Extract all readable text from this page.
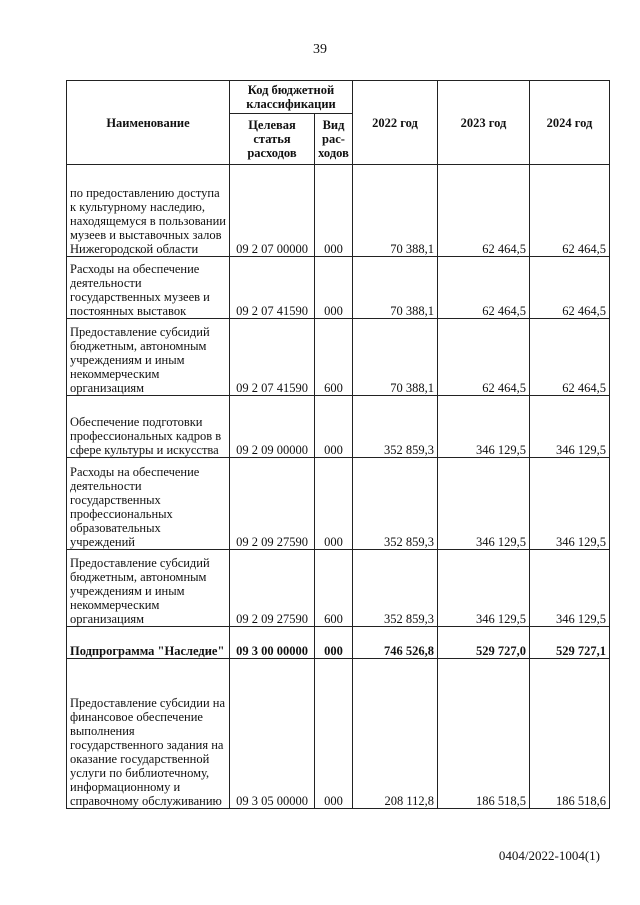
39
Наименование	Код бюджетной классификации		2022 год	2023 год	2024 год
	Целевая статья расходов	Вид рас- ходов			
по предоставлению доступа к культурному наследию, находящемуся в пользовании музеев и выставочных залов Нижегородской области	09 2 07 00000	000	70 388,1	62 464,5	62 464,5
Расходы на обеспечение деятельности государственных музеев и постоянных выставок	09 2 07 41590	000	70 388,1	62 464,5	62 464,5
Предоставление субсидий бюджетным, автономным учреждениям и иным некоммерческим организациям	09 2 07 41590	600	70 388,1	62 464,5	62 464,5
Обеспечение подготовки профессиональных кадров в сфере культуры и искусства	09 2 09 00000	000	352 859,3	346 129,5	346 129,5
Расходы на обеспечение деятельности государственных профессиональных образовательных учреждений	09 2 09 27590	000	352 859,3	346 129,5	346 129,5
Предоставление субсидий бюджетным, автономным учреждениям и иным некоммерческим организациям	09 2 09 27590	600	352 859,3	346 129,5	346 129,5
Подпрограмма "Наследие"	09 3 00 00000	000	746 526,8	529 727,0	529 727,1
Предоставление субсидии на финансовое обеспечение выполнения государственного задания на оказание государственной услуги по библиотечному, информационному и справочному обслуживанию	09 3 05 00000	000	208 112,8	186 518,5	186 518,6
0404/2022-1004(1)
